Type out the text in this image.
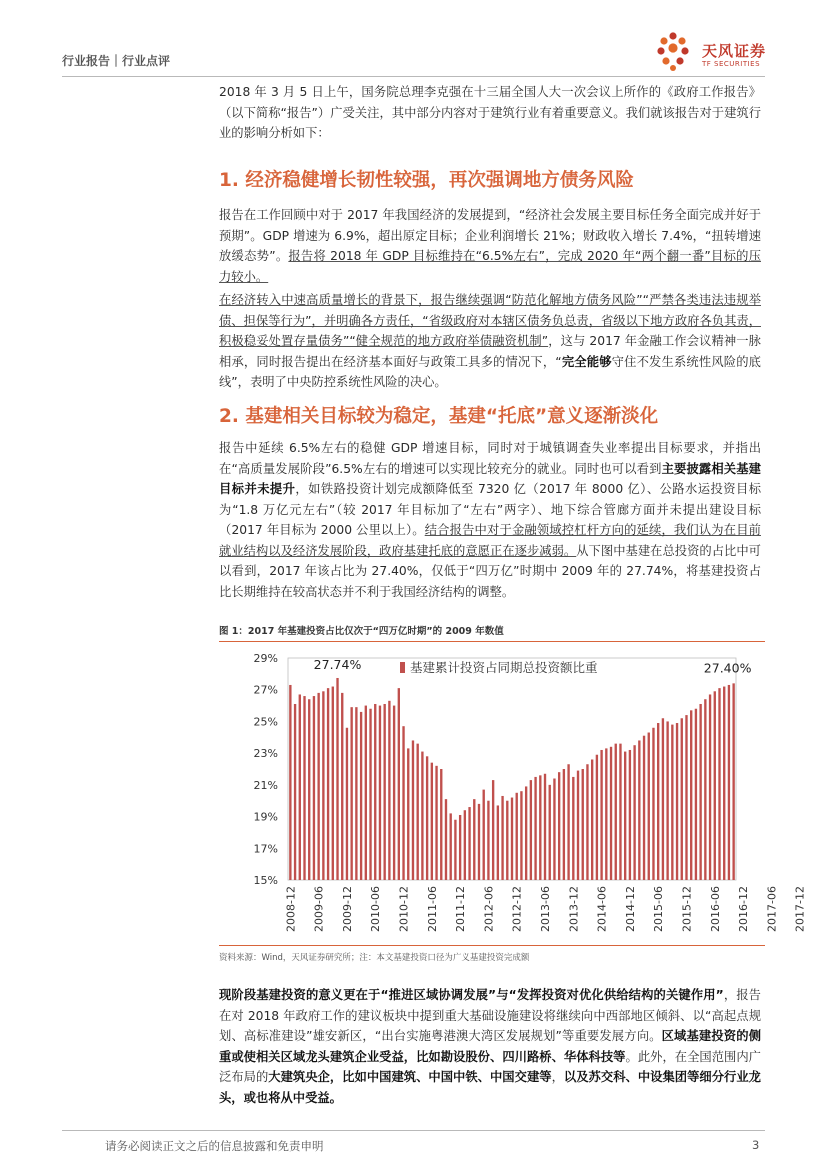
行业报告｜行业点评
天风证券
TF SECURITIES

2018 年 3 月 5 日上午，国务院总理李克强在十三届全国人大一次会议上所作的《政府工作报告》（以下简称“报告”）广受关注，其中部分内容对于建筑行业有着重要意义。我们就该报告对于建筑行业的影响分析如下：

1. 经济稳健增长韧性较强，再次强调地方债务风险

报告在工作回顾中对于 2017 年我国经济的发展提到，“经济社会发展主要目标任务全面完成并好于预期”。GDP 增速为 6.9%，超出原定目标；企业利润增长 21%；财政收入增长 7.4%，“扭转增速放缓态势”。报告将 2018 年 GDP 目标维持在“6.5%左右”，完成 2020 年“两个翻一番”目标的压力较小。

在经济转入中速高质量增长的背景下，报告继续强调“防范化解地方债务风险”“严禁各类违法违规举债、担保等行为”，并明确各方责任，“省级政府对本辖区债务负总责，省级以下地方政府各负其责，积极稳妥处置存量债务”“健全规范的地方政府举债融资机制”，这与 2017 年金融工作会议精神一脉相承，同时报告提出在经济基本面好与政策工具多的情况下，“完全能够守住不发生系统性风险的底线”，表明了中央防控系统性风险的决心。

2. 基建相关目标较为稳定，基建“托底”意义逐渐淡化

报告中延续 6.5%左右的稳健 GDP 增速目标，同时对于城镇调查失业率提出目标要求，并指出在“高质量发展阶段”6.5%左右的增速可以实现比较充分的就业。同时也可以看到主要披露相关基建目标并未提升，如铁路投资计划完成额降低至 7320 亿（2017 年 8000 亿）、公路水运投资目标为“1.8 万亿元左右”（较 2017 年目标加了“左右”两字）、地下综合管廊方面并未提出建设目标（2017 年目标为 2000 公里以上）。结合报告中对于金融领域控杠杆方向的延续，我们认为在目前就业结构以及经济发展阶段，政府基建托底的意愿正在逐步减弱。从下图中基建在总投资的占比中可以看到，2017 年该占比为 27.40%，仅低于“四万亿”时期中 2009 年的 27.74%，将基建投资占比长期维持在较高状态并不利于我国经济结构的调整。

图 1：2017 年基建投资占比仅次于“四万亿时期”的 2009 年数值
15%
17%
19%
21%
23%
25%
27%
29%
2008-12 2009-06 2009-12 2010-06 2010-12 2011-06 2011-12 2012-06 2012-12 2013-06 2013-12 2014-06 2014-12 2015-06 2015-12 2016-06 2016-12 2017-06 2017-12
基建累计投资占同期总投资额比重
27.74%	27.40%
资料来源：Wind，天风证券研究所；注：本文基建投资口径为广义基建投资完成额

现阶段基建投资的意义更在于“推进区域协调发展”与“发挥投资对优化供给结构的关键作用”，报告在对 2018 年政府工作的建议板块中提到重大基础设施建设将继续向中西部地区倾斜、以“高起点规划、高标准建设”雄安新区，“出台实施粤港澳大湾区发展规划”等重要发展方向。区域基建投资的侧重或使相关区域龙头建筑企业受益，比如勘设股份、四川路桥、华体科技等。此外，在全国范围内广泛布局的大建筑央企，比如中国建筑、中国中铁、中国交建等，以及苏交科、中设集团等细分行业龙头，或也将从中受益。

请务必阅读正文之后的信息披露和免责申明	3
